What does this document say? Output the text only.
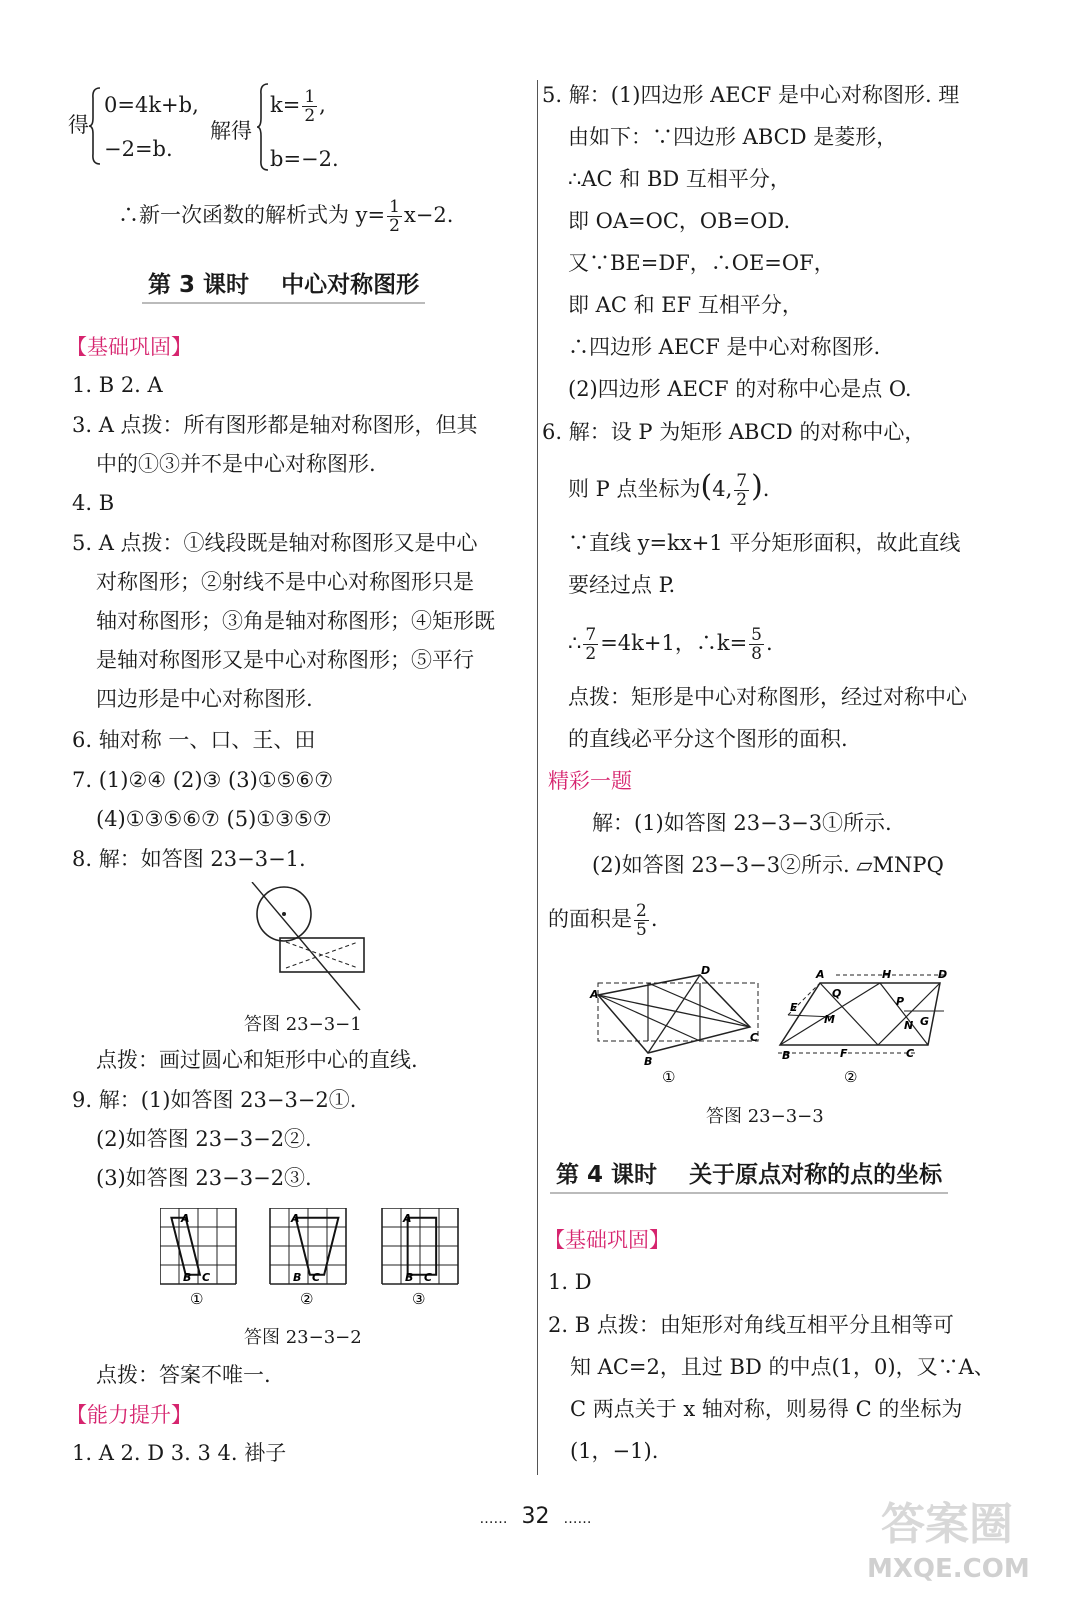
得
0=4k+b,
−2=b.
解得
$k= \frac{1}{2}$ ,
b=−2.
∴新一次函数的解析式为 $y= \frac{1}{2} x-2$.
第 3 课时 中心对称图形
【基础巩固】
1. B 2. A
3. A 点拨：所有图形都是轴对称图形，但其
中的①③并不是中心对称图形.
4. B
5. A 点拨：①线段既是轴对称图形又是中心
对称图形；②射线不是中心对称图形只是
轴对称图形；③角是轴对称图形；④矩形既
是轴对称图形又是中心对称图形；⑤平行
四边形是中心对称图形.
6. 轴对称 一、口、王、田
7. (1)②④ (2)③ (3)①⑤⑥⑦
(4)①③⑤⑥⑦ (5)①③⑤⑦
8. 解：如答图 23−3−1.
答图 23−3−1
点拨：画过圆心和矩形中心的直线.
9. 解：(1)如答图 23−3−2①.
(2)如答图 23−3−2②.
(3)如答图 23−3−2③.
A
B C
①
A
B C
②
A
B C
③
答图 23−3−2
点拨：答案不唯一.
【能力提升】
1. A 2. D 3. 3 4. 褂子
5. 解：(1)四边形 AECF 是中心对称图形. 理
由如下：∵四边形 ABCD 是菱形，
∴AC 和 BD 互相平分，
即 OA=OC，OB=OD.
又∵BE=DF，∴OE=OF，
即 AC 和 EF 互相平分，
∴四边形 AECF 是中心对称图形.
(2)四边形 AECF 的对称中心是点 O.
6. 解：设 P 为矩形 ABCD 的对称中心，
则 P 点坐标为(4, $\frac{7}{2}$ ).
∵直线 y=kx+1 平分矩形面积，故此直线
要经过点 P.
∴ $\frac{7}{2} =4k+1$，∴k= $\frac{5}{8}$ .
点拨：矩形是中心对称图形，经过对称中心
的直线必平分这个图形的面积.
精彩一题
解：(1)如答图 23−3−3①所示.
(2)如答图 23−3−3②所示. ▱MNPQ
的面积是 $\frac{2}{5}$ .
A
D
C
B
①
A	H	D
E
Q
P
M	N G
B	F	C
②
答图 23−3−3
第 4 课时 关于原点对称的点的坐标
【基础巩固】
1. D
2. B 点拨：由矩形对角线互相平分且相等可
知 AC=2，且过 BD 的中点(1，0)，又∵A、
C 两点关于 x 轴对称，则易得 C 的坐标为
(1，−1).
…… 32 ……	答案圈
MXQE.COM
